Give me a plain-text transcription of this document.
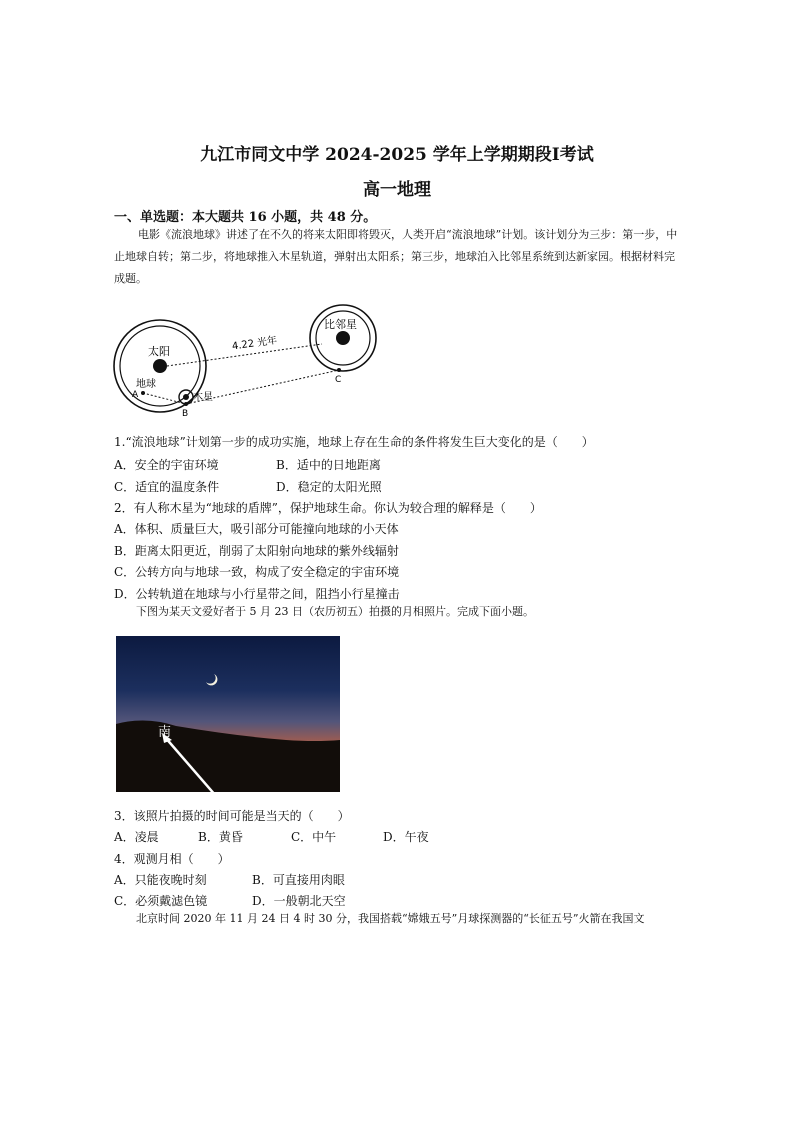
九江市同文中学 2024-2025 学年上学期期段Ⅰ考试
高一地理
一、单选题：本大题共 16 小题，共 48 分。
电影《流浪地球》讲述了在不久的将来太阳即将毁灭，人类开启“流浪地球”计划。该计划分为三步：第一步，中止地球自转；第二步，将地球推入木星轨道，弹射出太阳系；第三步，地球泊入比邻星系统到达新家园。根据材料完成题。
太阳
地球
木星
比邻星
4.22 光年
A
B
C
1.“流浪地球”计划第一步的成功实施，地球上存在生命的条件将发生巨大变化的是（　　）
A．安全的宇宙环境	B．适中的日地距离
C．适宜的温度条件	D．稳定的太阳光照
2．有人称木星为“地球的盾牌”，保护地球生命。你认为较合理的解释是（　　）
A．体积、质量巨大，吸引部分可能撞向地球的小天体
B．距离太阳更近，削弱了太阳射向地球的紫外线辐射
C．公转方向与地球一致，构成了安全稳定的宇宙环境
D．公转轨道在地球与小行星带之间，阻挡小行星撞击
下图为某天文爱好者于 5 月 23 日（农历初五）拍摄的月相照片。完成下面小题。
南
3．该照片拍摄的时间可能是当天的（　　）
A．凌晨	B．黄昏	C．中午	D．午夜
4．观测月相（　　）
A．只能夜晚时刻	B．可直接用肉眼
C．必须戴滤色镜	D．一般朝北天空
北京时间 2020 年 11 月 24 日 4 时 30 分，我国搭载“嫦娥五号”月球探测器的“长征五号”火箭在我国文
